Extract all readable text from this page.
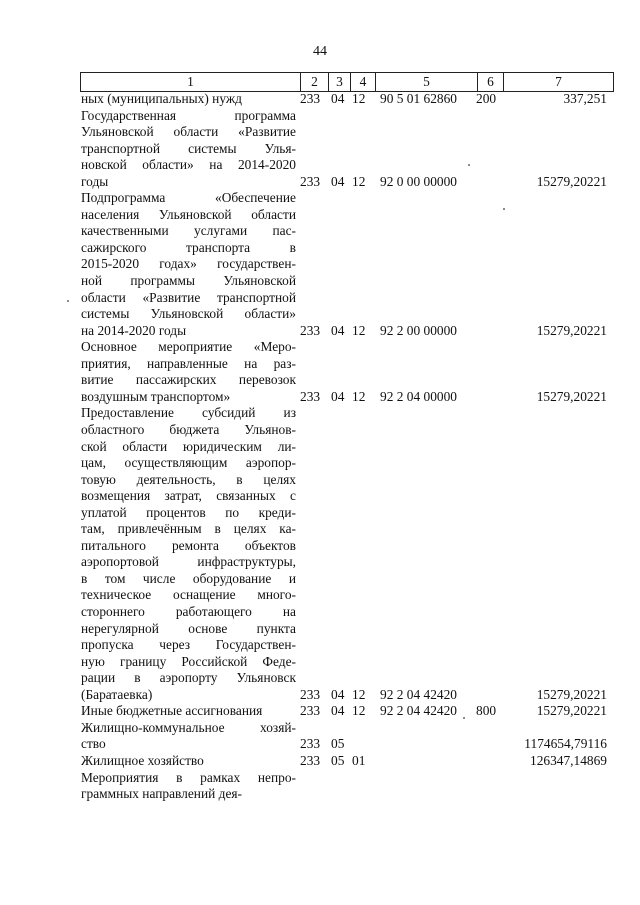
44
1	2	3	4	5	6	7
ных (муниципальных) нужд	233 04 12	90 5 01 62860	200	337,251
Государственная программа
Ульяновской области «Развитие
транспортной системы Улья-
новской области» на 2014-2020
годы	233 04 12	92 0 00 00000	15279,20221
Подпрограмма «Обеспечение
населения Ульяновской области
качественными услугами пас-
сажирского транспорта в
2015-2020 годах» государствен-
ной программы Ульяновской
области «Развитие транспортной
системы Ульяновской области»
на 2014-2020 годы	233 04 12	92 2 00 00000	15279,20221
Основное мероприятие «Меро-
приятия, направленные на раз-
витие пассажирских перевозок
воздушным транспортом»	233 04 12	92 2 04 00000	15279,20221
Предоставление субсидий из
областного бюджета Ульянов-
ской области юридическим ли-
цам, осуществляющим аэропор-
товую деятельность, в целях
возмещения затрат, связанных с
уплатой процентов по креди-
там, привлечённым в целях ка-
питального ремонта объектов
аэропортовой инфраструктуры,
в том числе оборудование и
техническое оснащение много-
стороннего работающего на
нерегулярной основе пункта
пропуска через Государствен-
ную границу Российской Феде-
рации в аэропорту Ульяновск
(Баратаевка)	233 04 12	92 2 04 42420	15279,20221
Иные бюджетные ассигнования	233 04 12	92 2 04 42420	800	15279,20221
Жилищно-коммунальное хозяй-
ство	233 05	1174654,79116
Жилищное хозяйство	233 05 01	126347,14869
Мероприятия в рамках непро-
граммных направлений дея-
